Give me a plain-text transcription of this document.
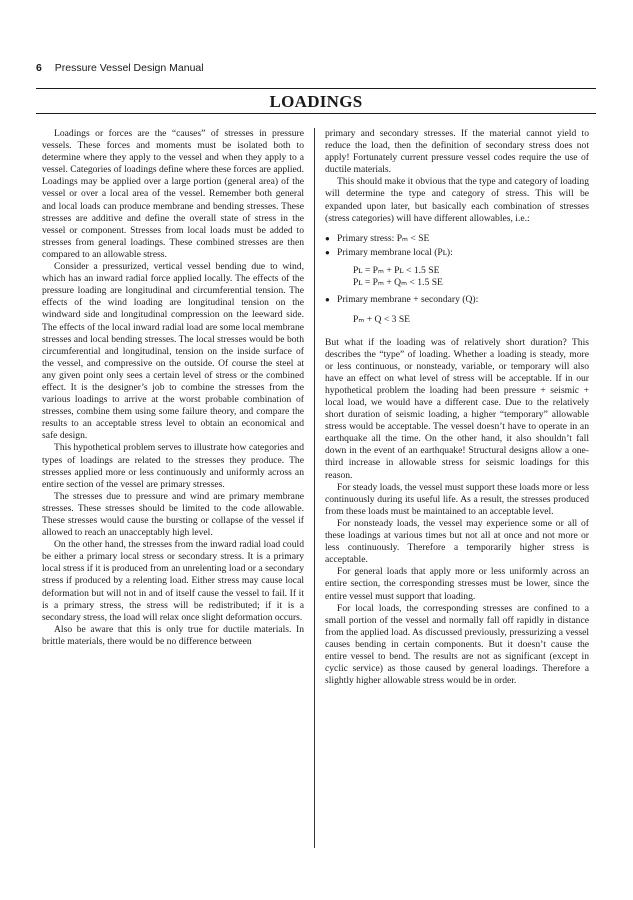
6 Pressure Vessel Design Manual
LOADINGS

Loadings or forces are the “causes” of stresses in pressure vessels. These forces and moments must be isolated both to determine where they apply to the vessel and when they apply to a vessel. Categories of loadings define where these forces are applied. Loadings may be applied over a large portion (general area) of the vessel or over a local area of the vessel. Remember both general and local loads can produce membrane and bending stresses. These stresses are additive and define the overall state of stress in the vessel or component. Stresses from local loads must be added to stresses from general loadings. These combined stresses are then compared to an allowable stress.

Consider a pressurized, vertical vessel bending due to wind, which has an inward radial force applied locally. The effects of the pressure loading are longitudinal and circumferential tension. The effects of the wind loading are longitudinal tension on the windward side and longitudinal compression on the leeward side. The effects of the local inward radial load are some local membrane stresses and local bending stresses. The local stresses would be both circumferential and longitudinal, tension on the inside surface of the vessel, and compressive on the outside. Of course the steel at any given point only sees a certain level of stress or the combined effect. It is the designer’s job to combine the stresses from the various loadings to arrive at the worst probable combination of stresses, combine them using some failure theory, and compare the results to an acceptable stress level to obtain an economical and safe design.

This hypothetical problem serves to illustrate how categories and types of loadings are related to the stresses they produce. The stresses applied more or less continuously and uniformly across an entire section of the vessel are primary stresses.

The stresses due to pressure and wind are primary membrane stresses. These stresses should be limited to the code allowable. These stresses would cause the bursting or collapse of the vessel if allowed to reach an unacceptably high level.

On the other hand, the stresses from the inward radial load could be either a primary local stress or secondary stress. It is a primary local stress if it is produced from an unrelenting load or a secondary stress if produced by a relenting load. Either stress may cause local deformation but will not in and of itself cause the vessel to fail. If it is a primary stress, the stress will be redistributed; if it is a secondary stress, the load will relax once slight deformation occurs.

Also be aware that this is only true for ductile materials. In brittle materials, there would be no difference between

primary and secondary stresses. If the material cannot yield to reduce the load, then the definition of secondary stress does not apply! Fortunately current pressure vessel codes require the use of ductile materials.

This should make it obvious that the type and category of loading will determine the type and category of stress. This will be expanded upon later, but basically each combination of stresses (stress categories) will have different allowables, i.e.:

● Primary stress: Pₘ < SE
● Primary membrane local (Pʟ):
Pʟ = Pₘ + Pʟ < 1.5 SE
Pʟ = Pₘ + Qₘ < 1.5 SE
● Primary membrane + secondary (Q):
Pₘ + Q < 3 SE

But what if the loading was of relatively short duration? This describes the “type” of loading. Whether a loading is steady, more or less continuous, or nonsteady, variable, or temporary will also have an effect on what level of stress will be acceptable. If in our hypothetical problem the loading had been pressure + seismic + local load, we would have a different case. Due to the relatively short duration of seismic loading, a higher “temporary” allowable stress would be acceptable. The vessel doesn’t have to operate in an earthquake all the time. On the other hand, it also shouldn’t fall down in the event of an earthquake! Structural designs allow a one-third increase in allowable stress for seismic loadings for this reason.

For steady loads, the vessel must support these loads more or less continuously during its useful life. As a result, the stresses produced from these loads must be maintained to an acceptable level.

For nonsteady loads, the vessel may experience some or all of these loadings at various times but not all at once and not more or less continuously. Therefore a temporarily higher stress is acceptable.

For general loads that apply more or less uniformly across an entire section, the corresponding stresses must be lower, since the entire vessel must support that loading.

For local loads, the corresponding stresses are confined to a small portion of the vessel and normally fall off rapidly in distance from the applied load. As discussed previously, pressurizing a vessel causes bending in certain components. But it doesn’t cause the entire vessel to bend. The results are not as significant (except in cyclic service) as those caused by general loadings. Therefore a slightly higher allowable stress would be in order.
